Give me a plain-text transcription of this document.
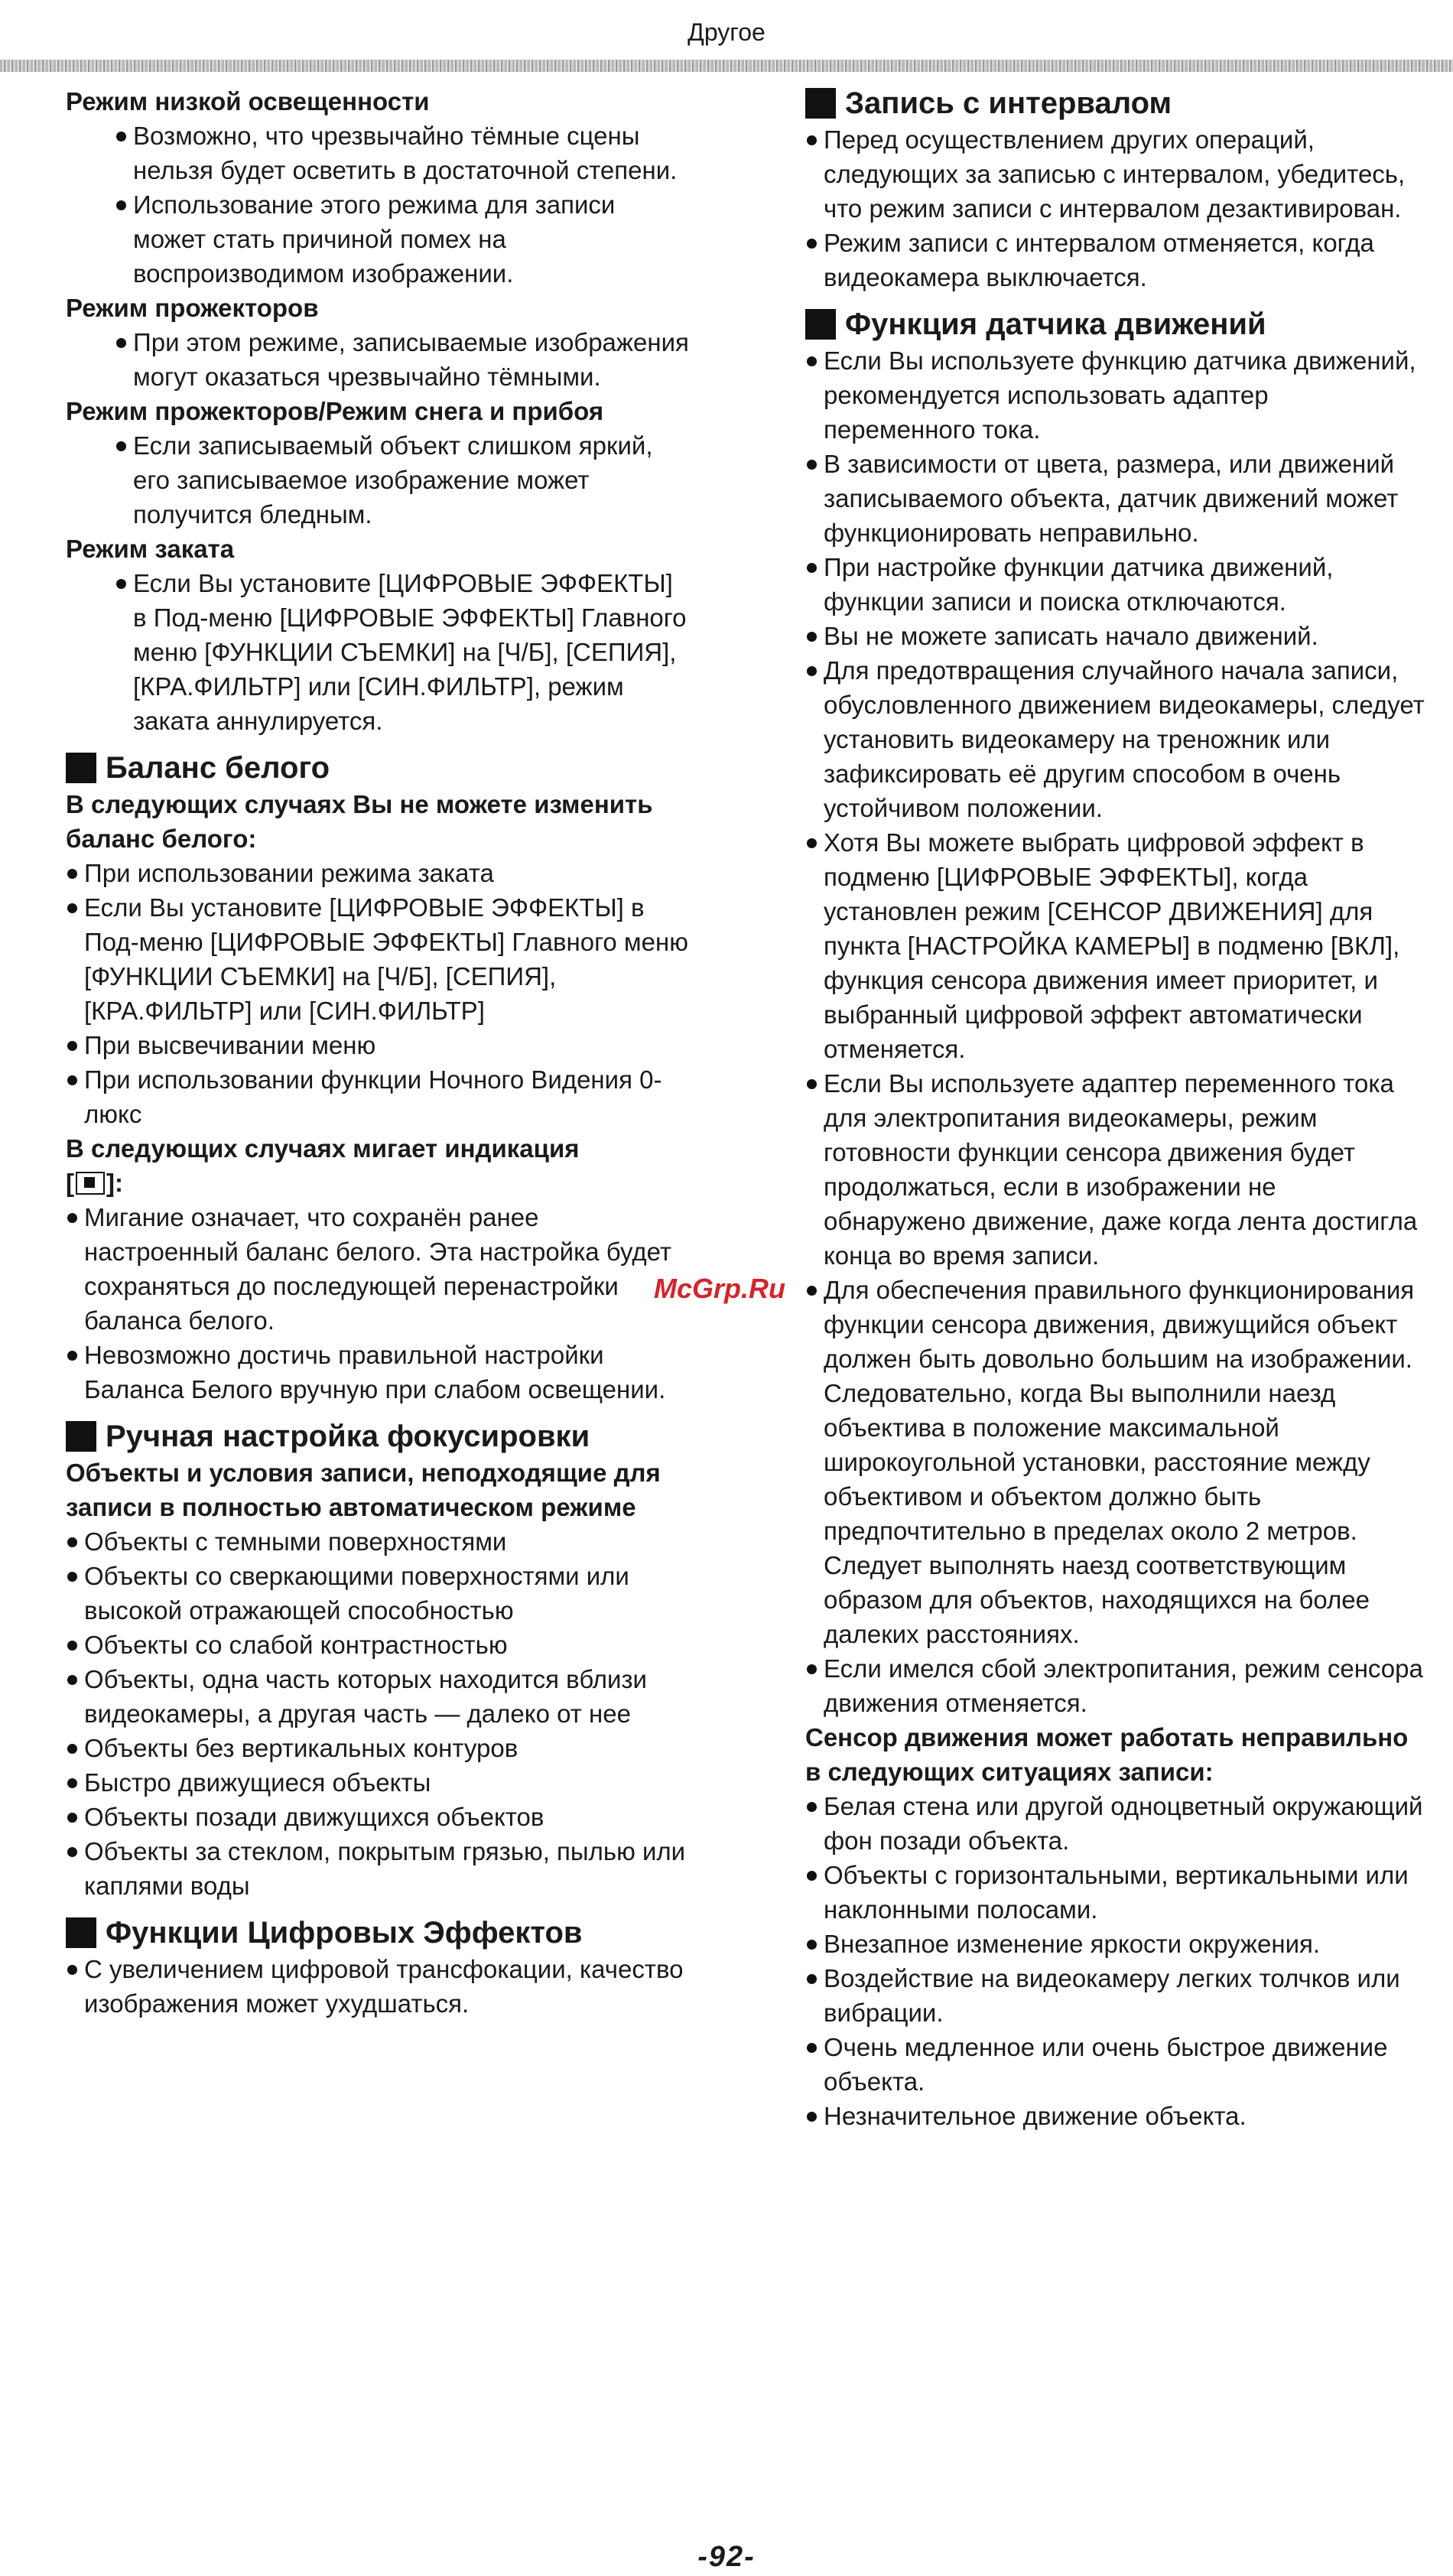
Другое

Режим низкой освещенности

Возможно, что чрезвычайно тёмные сцены нельзя будет осветить в достаточной степени.
Использование этого режима для записи может стать причиной помех на воспроизводимом изображении.

Режим прожекторов

При этом режиме, записываемые изображения могут оказаться чрезвычайно тёмными.

Режим прожекторов/Режим снега и прибоя

Если записываемый объект слишком яркий, его записываемое изображение может получится бледным.

Режим заката

Если Вы установите [ЦИФРОВЫЕ ЭФФЕКТЫ] в Под-меню [ЦИФРОВЫЕ ЭФФЕКТЫ] Главного меню [ФУНКЦИИ СЪЕМКИ] на [Ч/Б], [СЕПИЯ], [КРА.ФИЛЬТР] или [СИН.ФИЛЬТР], режим заката аннулируется.
Баланс белого

В следующих случаях Вы не можете изменить баланс белого:

При использовании режима заката
Если Вы установите [ЦИФРОВЫЕ ЭФФЕКТЫ] в Под-меню [ЦИФРОВЫЕ ЭФФЕКТЫ] Главного меню [ФУНКЦИИ СЪЕМКИ] на [Ч/Б], [СЕПИЯ], [КРА.ФИЛЬТР] или [СИН.ФИЛЬТР]
При высвечивании меню
При использовании функции Ночного Видения 0-люкс

В следующих случаях мигает индикация
[ ]:

Мигание означает, что сохранён ранее настроенный баланс белого. Эта настройка будет сохраняться до последующей перенастройки баланса белого.
Невозможно достичь правильной настройки Баланса Белого вручную при слабом освещении.
Ручная настройка фокусировки

Объекты и условия записи, неподходящие для записи в полностью автоматическом режиме

Объекты с темными поверхностями
Объекты со сверкающими поверхностями или высокой отражающей способностью
Объекты со слабой контрастностью
Объекты, одна часть которых находится вблизи видеокамеры, а другая часть — далеко от нее
Объекты без вертикальных контуров
Быстро движущиеся объекты
Объекты позади движущихся объектов
Объекты за стеклом, покрытым грязью, пылью или каплями воды
Функции Цифровых Эффектов
С увеличением цифровой трансфокации, качество изображения может ухудшаться.
Запись с интервалом
Перед осуществлением других операций, следующих за записью с интервалом, убедитесь, что режим записи с интервалом дезактивирован.
Режим записи с интервалом отменяется, когда видеокамера выключается.
Функция датчика движений
Если Вы используете функцию датчика движений, рекомендуется использовать адаптер переменного тока.
В зависимости от цвета, размера, или движений записываемого объекта, датчик движений может функционировать неправильно.
При настройке функции датчика движений, функции записи и поиска отключаются.
Вы не можете записать начало движений.
Для предотвращения случайного начала записи, обусловленного движением видеокамеры, следует установить видеокамеру на треножник или зафиксировать её другим способом в очень устойчивом положении.
Хотя Вы можете выбрать цифровой эффект в подменю [ЦИФРОВЫЕ ЭФФЕКТЫ], когда установлен режим [СЕНСОР ДВИЖЕНИЯ] для пункта [НАСТРОЙКА КАМЕРЫ] в подменю [ВКЛ], функция сенсора движения имеет приоритет, и выбранный цифровой эффект автоматически отменяется.
Если Вы используете адаптер переменного тока для электропитания видеокамеры, режим готовности функции сенсора движения будет продолжаться, если в изображении не обнаружено движение, даже когда лента достигла конца во время записи.
Для обеспечения правильного функционирования функции сенсора движения, движущийся объект должен быть довольно большим на изображении. Следовательно, когда Вы выполнили наезд объектива в положение максимальной широкоугольной установки, расстояние между объективом и объектом должно быть предпочтительно в пределах около 2 метров. Следует выполнять наезд соответствующим образом для объектов, находящихся на более далеких расстояниях.
Если имелся сбой электропитания, режим сенсора движения отменяется.

Сенсор движения может работать неправильно в следующих ситуациях записи:

Белая стена или другой одноцветный окружающий фон позади объекта.
Объекты с горизонтальными, вертикальными или наклонными полосами.
Внезапное изменение яркости окружения.
Воздействие на видеокамеру легких толчков или вибрации.
Очень медленное или очень быстрое движение объекта.
Незначительное движение объекта.
McGrp.Ru
-92-
